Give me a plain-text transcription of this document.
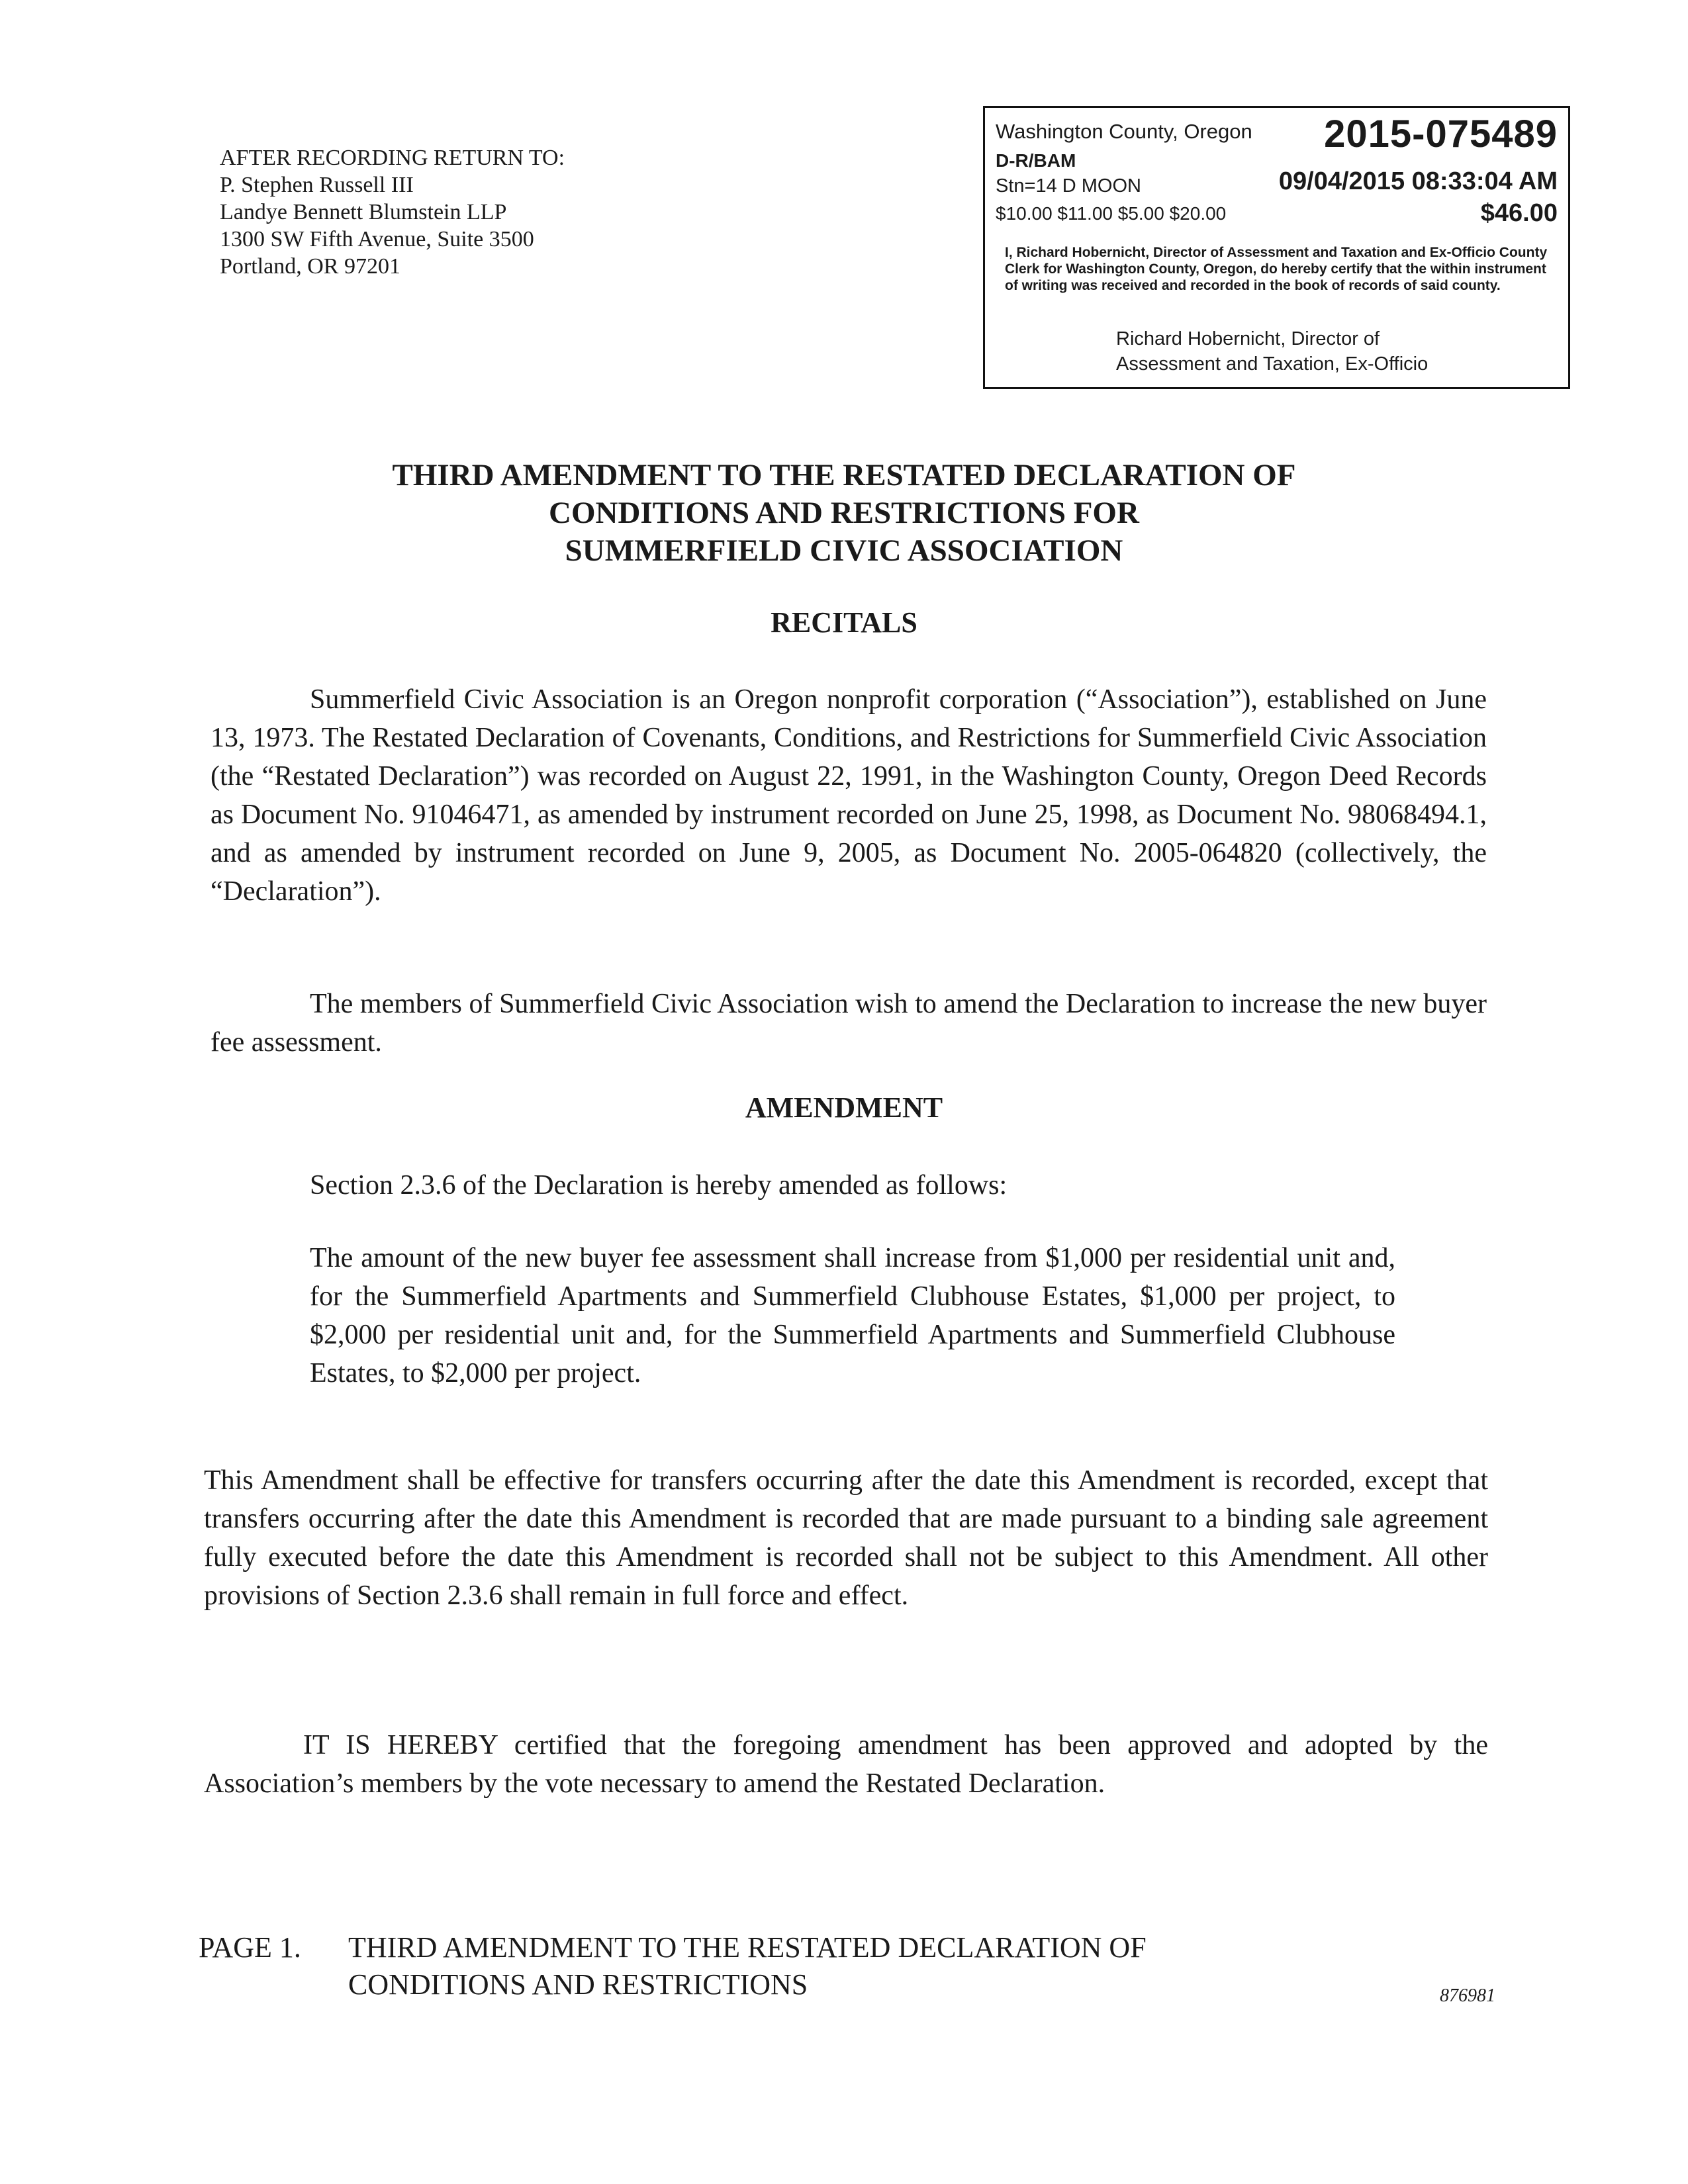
AFTER RECORDING RETURN TO:
P. Stephen Russell III
Landye Bennett Blumstein LLP
1300 SW Fifth Avenue, Suite 3500
Portland, OR 97201
Washington County, Oregon 2015-075489
D-R/BAM
Stn=14 D MOON	09/04/2015 08:33:04 AM
$10.00 $11.00 $5.00 $20.00	$46.00
I, Richard Hobernicht, Director of Assessment and Taxation and Ex-Officio County Clerk for Washington County, Oregon, do hereby certify that the within instrument of writing was received and recorded in the book of records of said county.
Richard Hobernicht, Director of
Assessment and Taxation, Ex-Officio
THIRD AMENDMENT TO THE RESTATED DECLARATION OF
CONDITIONS AND RESTRICTIONS FOR
SUMMERFIELD CIVIC ASSOCIATION
RECITALS
Summerfield Civic Association is an Oregon nonprofit corporation (“Association”), established on June 13, 1973. The Restated Declaration of Covenants, Conditions, and Restrictions for Summerfield Civic Association (the “Restated Declaration”) was recorded on August 22, 1991, in the Washington County, Oregon Deed Records as Document No. 91046471, as amended by instrument recorded on June 25, 1998, as Document No. 98068494.1, and as amended by instrument recorded on June 9, 2005, as Document No. 2005-064820 (collectively, the “Declaration”).
The members of Summerfield Civic Association wish to amend the Declaration to increase the new buyer fee assessment.
AMENDMENT
Section 2.3.6 of the Declaration is hereby amended as follows:
The amount of the new buyer fee assessment shall increase from $1,000 per residential unit and, for the Summerfield Apartments and Summerfield Clubhouse Estates, $1,000 per project, to $2,000 per residential unit and, for the Summerfield Apartments and Summerfield Clubhouse Estates, to $2,000 per project.
This Amendment shall be effective for transfers occurring after the date this Amendment is recorded, except that transfers occurring after the date this Amendment is recorded that are made pursuant to a binding sale agreement fully executed before the date this Amendment is recorded shall not be subject to this Amendment. All other provisions of Section 2.3.6 shall remain in full force and effect.
IT IS HEREBY certified that the foregoing amendment has been approved and adopted by the Association’s members by the vote necessary to amend the Restated Declaration.
PAGE 1. THIRD AMENDMENT TO THE RESTATED DECLARATION OF
CONDITIONS AND RESTRICTIONS	876981
